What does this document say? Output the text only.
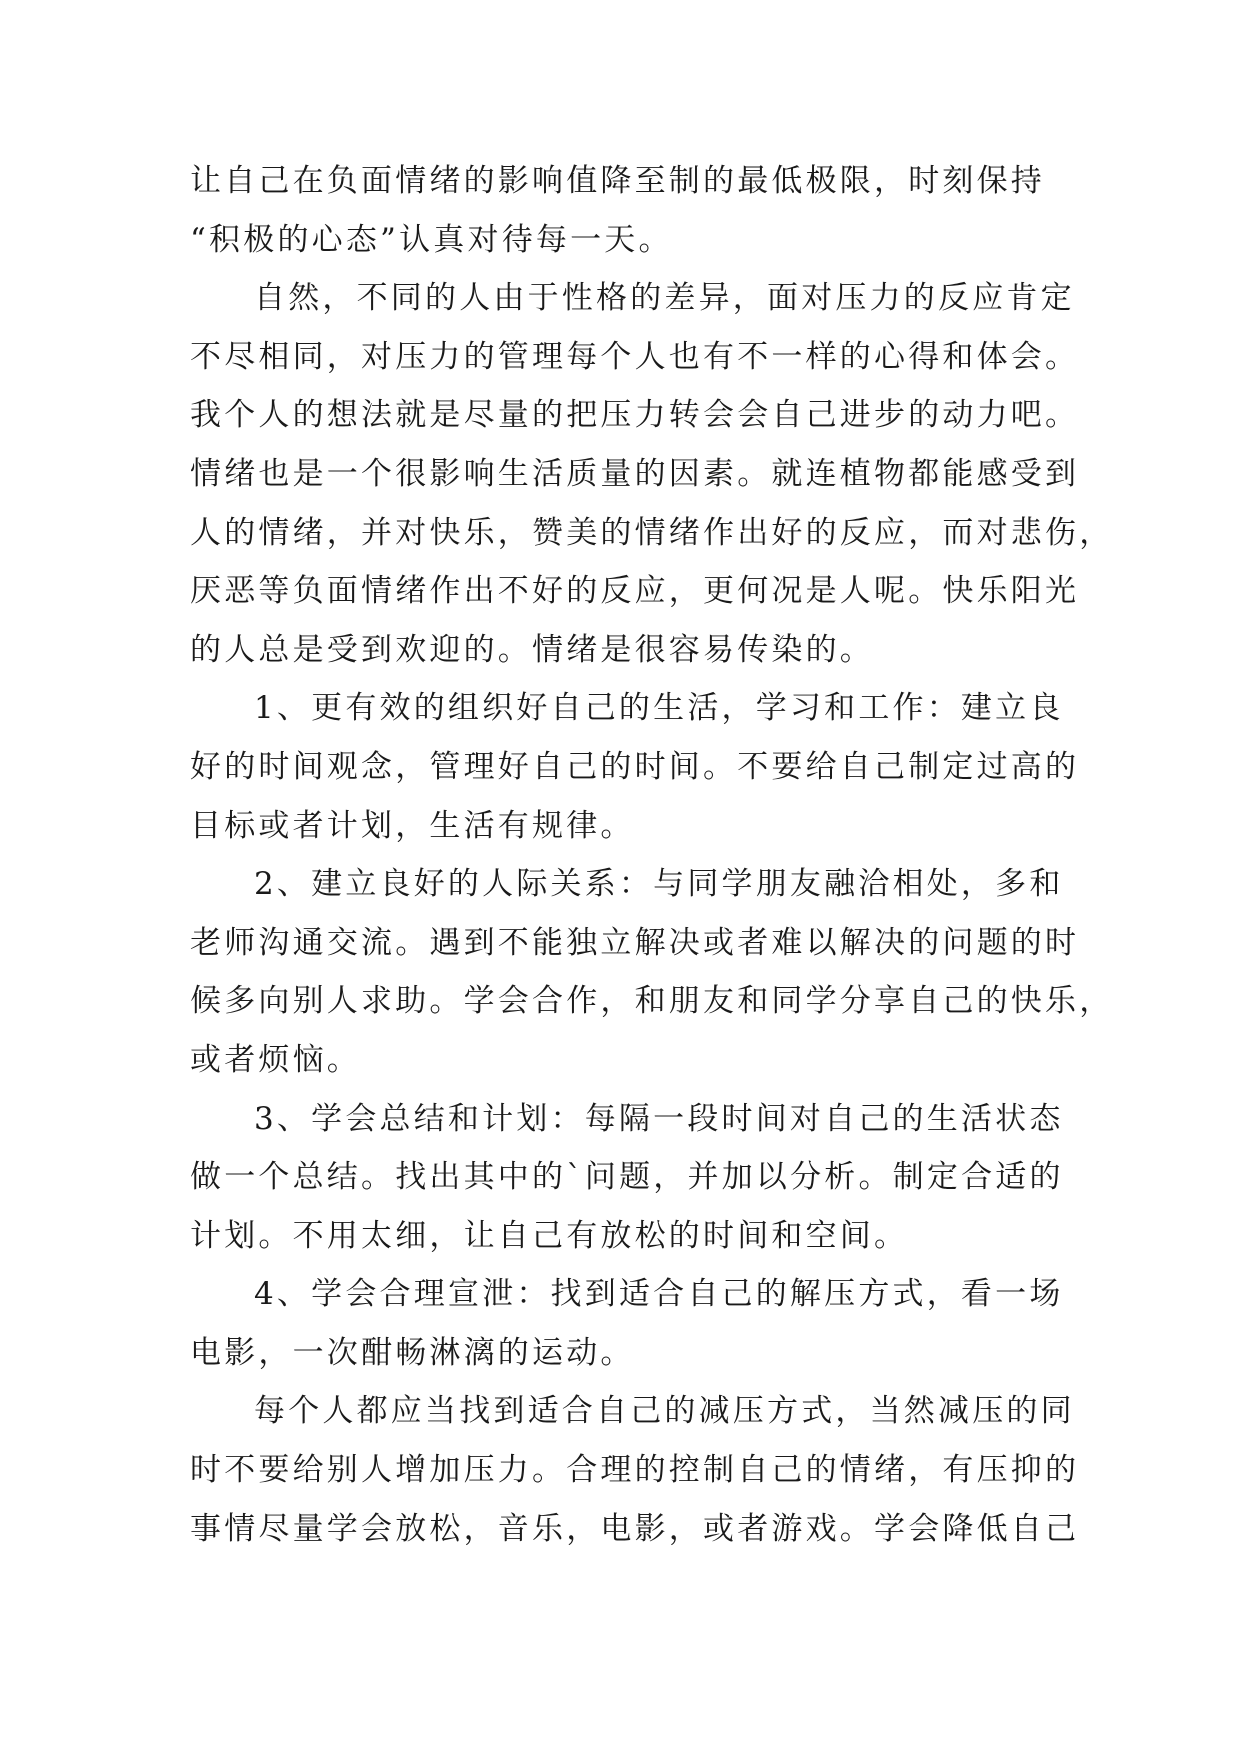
让自己在负面情绪的影响值降至制的最低极限，时刻保持
“积极的心态”认真对待每一天。
自然，不同的人由于性格的差异，面对压力的反应肯定
不尽相同，对压力的管理每个人也有不一样的心得和体会。
我个人的想法就是尽量的把压力转会会自己进步的动力吧。
情绪也是一个很影响生活质量的因素。就连植物都能感受到
人的情绪，并对快乐，赞美的情绪作出好的反应，而对悲伤，
厌恶等负面情绪作出不好的反应，更何况是人呢。快乐阳光
的人总是受到欢迎的。情绪是很容易传染的。
1、更有效的组织好自己的生活，学习和工作：建立良
好的时间观念，管理好自己的时间。不要给自己制定过高的
目标或者计划，生活有规律。
2、建立良好的人际关系：与同学朋友融洽相处，多和
老师沟通交流。遇到不能独立解决或者难以解决的问题的时
候多向别人求助。学会合作，和朋友和同学分享自己的快乐，
或者烦恼。
3、学会总结和计划：每隔一段时间对自己的生活状态
做一个总结。找出其中的`问题，并加以分析。制定合适的
计划。不用太细，让自己有放松的时间和空间。
4、学会合理宣泄：找到适合自己的解压方式，看一场
电影，一次酣畅淋漓的运动。
每个人都应当找到适合自己的减压方式，当然减压的同
时不要给别人增加压力。合理的控制自己的情绪，有压抑的
事情尽量学会放松，音乐，电影，或者游戏。学会降低自己
